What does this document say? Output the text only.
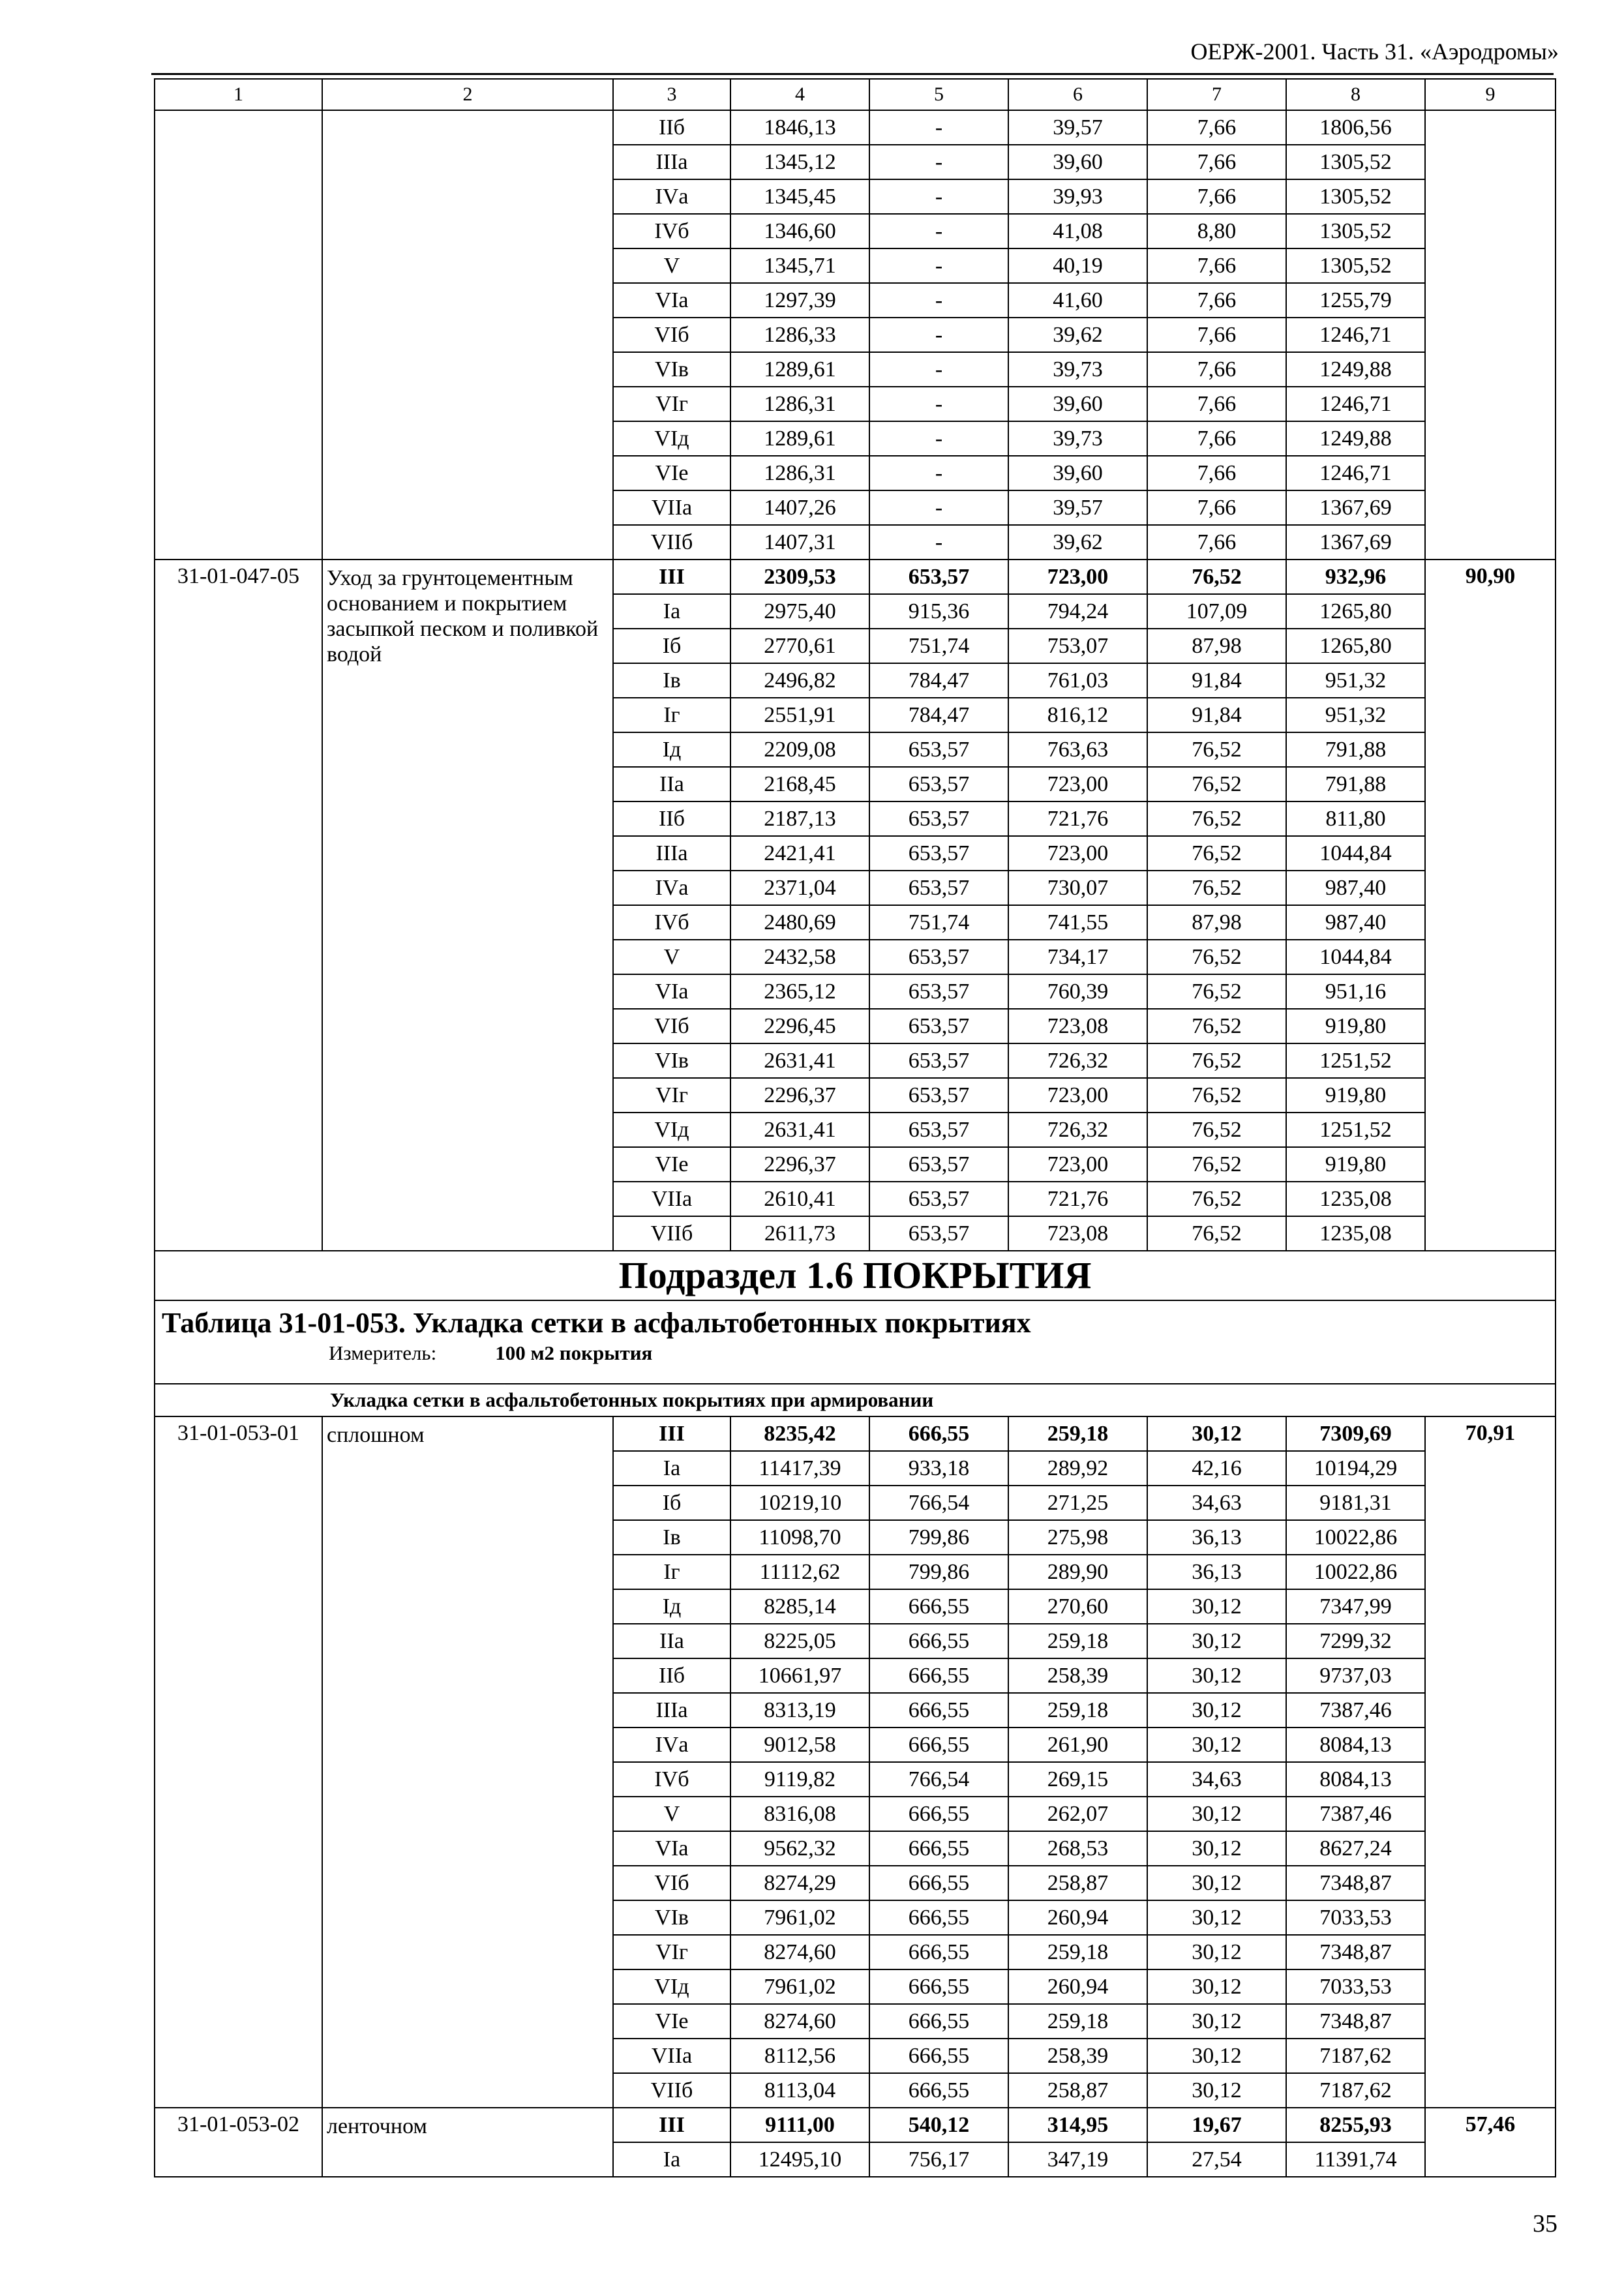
ОЕРЖ-2001. Часть 31. «Аэродромы»
1	2	3	4	5	6	7	8	9
		IIб	1846,13	-	39,57	7,66	1806,56	
		IIIа	1345,12	-	39,60	7,66	1305,52	
		IVа	1345,45	-	39,93	7,66	1305,52	
		IVб	1346,60	-	41,08	8,80	1305,52	
		V	1345,71	-	40,19	7,66	1305,52	
		VIа	1297,39	-	41,60	7,66	1255,79	
		VIб	1286,33	-	39,62	7,66	1246,71	
		VIв	1289,61	-	39,73	7,66	1249,88	
		VIг	1286,31	-	39,60	7,66	1246,71	
		VIд	1289,61	-	39,73	7,66	1249,88	
		VIе	1286,31	-	39,60	7,66	1246,71	
		VIIа	1407,26	-	39,57	7,66	1367,69	
		VIIб	1407,31	-	39,62	7,66	1367,69	
31-01-047-05	Уход за грунтоцементным основанием и покрытием засыпкой песком и поливкой водой	III	2309,53	653,57	723,00	76,52	932,96	90,90
		Iа	2975,40	915,36	794,24	107,09	1265,80	
		Iб	2770,61	751,74	753,07	87,98	1265,80	
		Iв	2496,82	784,47	761,03	91,84	951,32	
		Iг	2551,91	784,47	816,12	91,84	951,32	
		Iд	2209,08	653,57	763,63	76,52	791,88	
		IIа	2168,45	653,57	723,00	76,52	791,88	
		IIб	2187,13	653,57	721,76	76,52	811,80	
		IIIа	2421,41	653,57	723,00	76,52	1044,84	
		IVа	2371,04	653,57	730,07	76,52	987,40	
		IVб	2480,69	751,74	741,55	87,98	987,40	
		V	2432,58	653,57	734,17	76,52	1044,84	
		VIа	2365,12	653,57	760,39	76,52	951,16	
		VIб	2296,45	653,57	723,08	76,52	919,80	
		VIв	2631,41	653,57	726,32	76,52	1251,52	
		VIг	2296,37	653,57	723,00	76,52	919,80	
		VIд	2631,41	653,57	726,32	76,52	1251,52	
		VIе	2296,37	653,57	723,00	76,52	919,80	
		VIIа	2610,41	653,57	721,76	76,52	1235,08	
		VIIб	2611,73	653,57	723,08	76,52	1235,08	
Подраздел 1.6 ПОКРЫТИЯ								

Таблица 31-01-053. Укладка сетки в асфальтобетонных покрытиях
Измеритель: 100 м2 покрытия								

Укладка сетки в асфальтобетонных покрытиях при армировании								
31-01-053-01	сплошном	III	8235,42	666,55	259,18	30,12	7309,69	70,91
		Iа	11417,39	933,18	289,92	42,16	10194,29	
		Iб	10219,10	766,54	271,25	34,63	9181,31	
		Iв	11098,70	799,86	275,98	36,13	10022,86	
		Iг	11112,62	799,86	289,90	36,13	10022,86	
		Iд	8285,14	666,55	270,60	30,12	7347,99	
		IIа	8225,05	666,55	259,18	30,12	7299,32	
		IIб	10661,97	666,55	258,39	30,12	9737,03	
		IIIа	8313,19	666,55	259,18	30,12	7387,46	
		IVа	9012,58	666,55	261,90	30,12	8084,13	
		IVб	9119,82	766,54	269,15	34,63	8084,13	
		V	8316,08	666,55	262,07	30,12	7387,46	
		VIа	9562,32	666,55	268,53	30,12	8627,24	
		VIб	8274,29	666,55	258,87	30,12	7348,87	
		VIв	7961,02	666,55	260,94	30,12	7033,53	
		VIг	8274,60	666,55	259,18	30,12	7348,87	
		VIд	7961,02	666,55	260,94	30,12	7033,53	
		VIе	8274,60	666,55	259,18	30,12	7348,87	
		VIIа	8112,56	666,55	258,39	30,12	7187,62	
		VIIб	8113,04	666,55	258,87	30,12	7187,62	
31-01-053-02	ленточном	III	9111,00	540,12	314,95	19,67	8255,93	57,46
		Iа	12495,10	756,17	347,19	27,54	11391,74	
35
